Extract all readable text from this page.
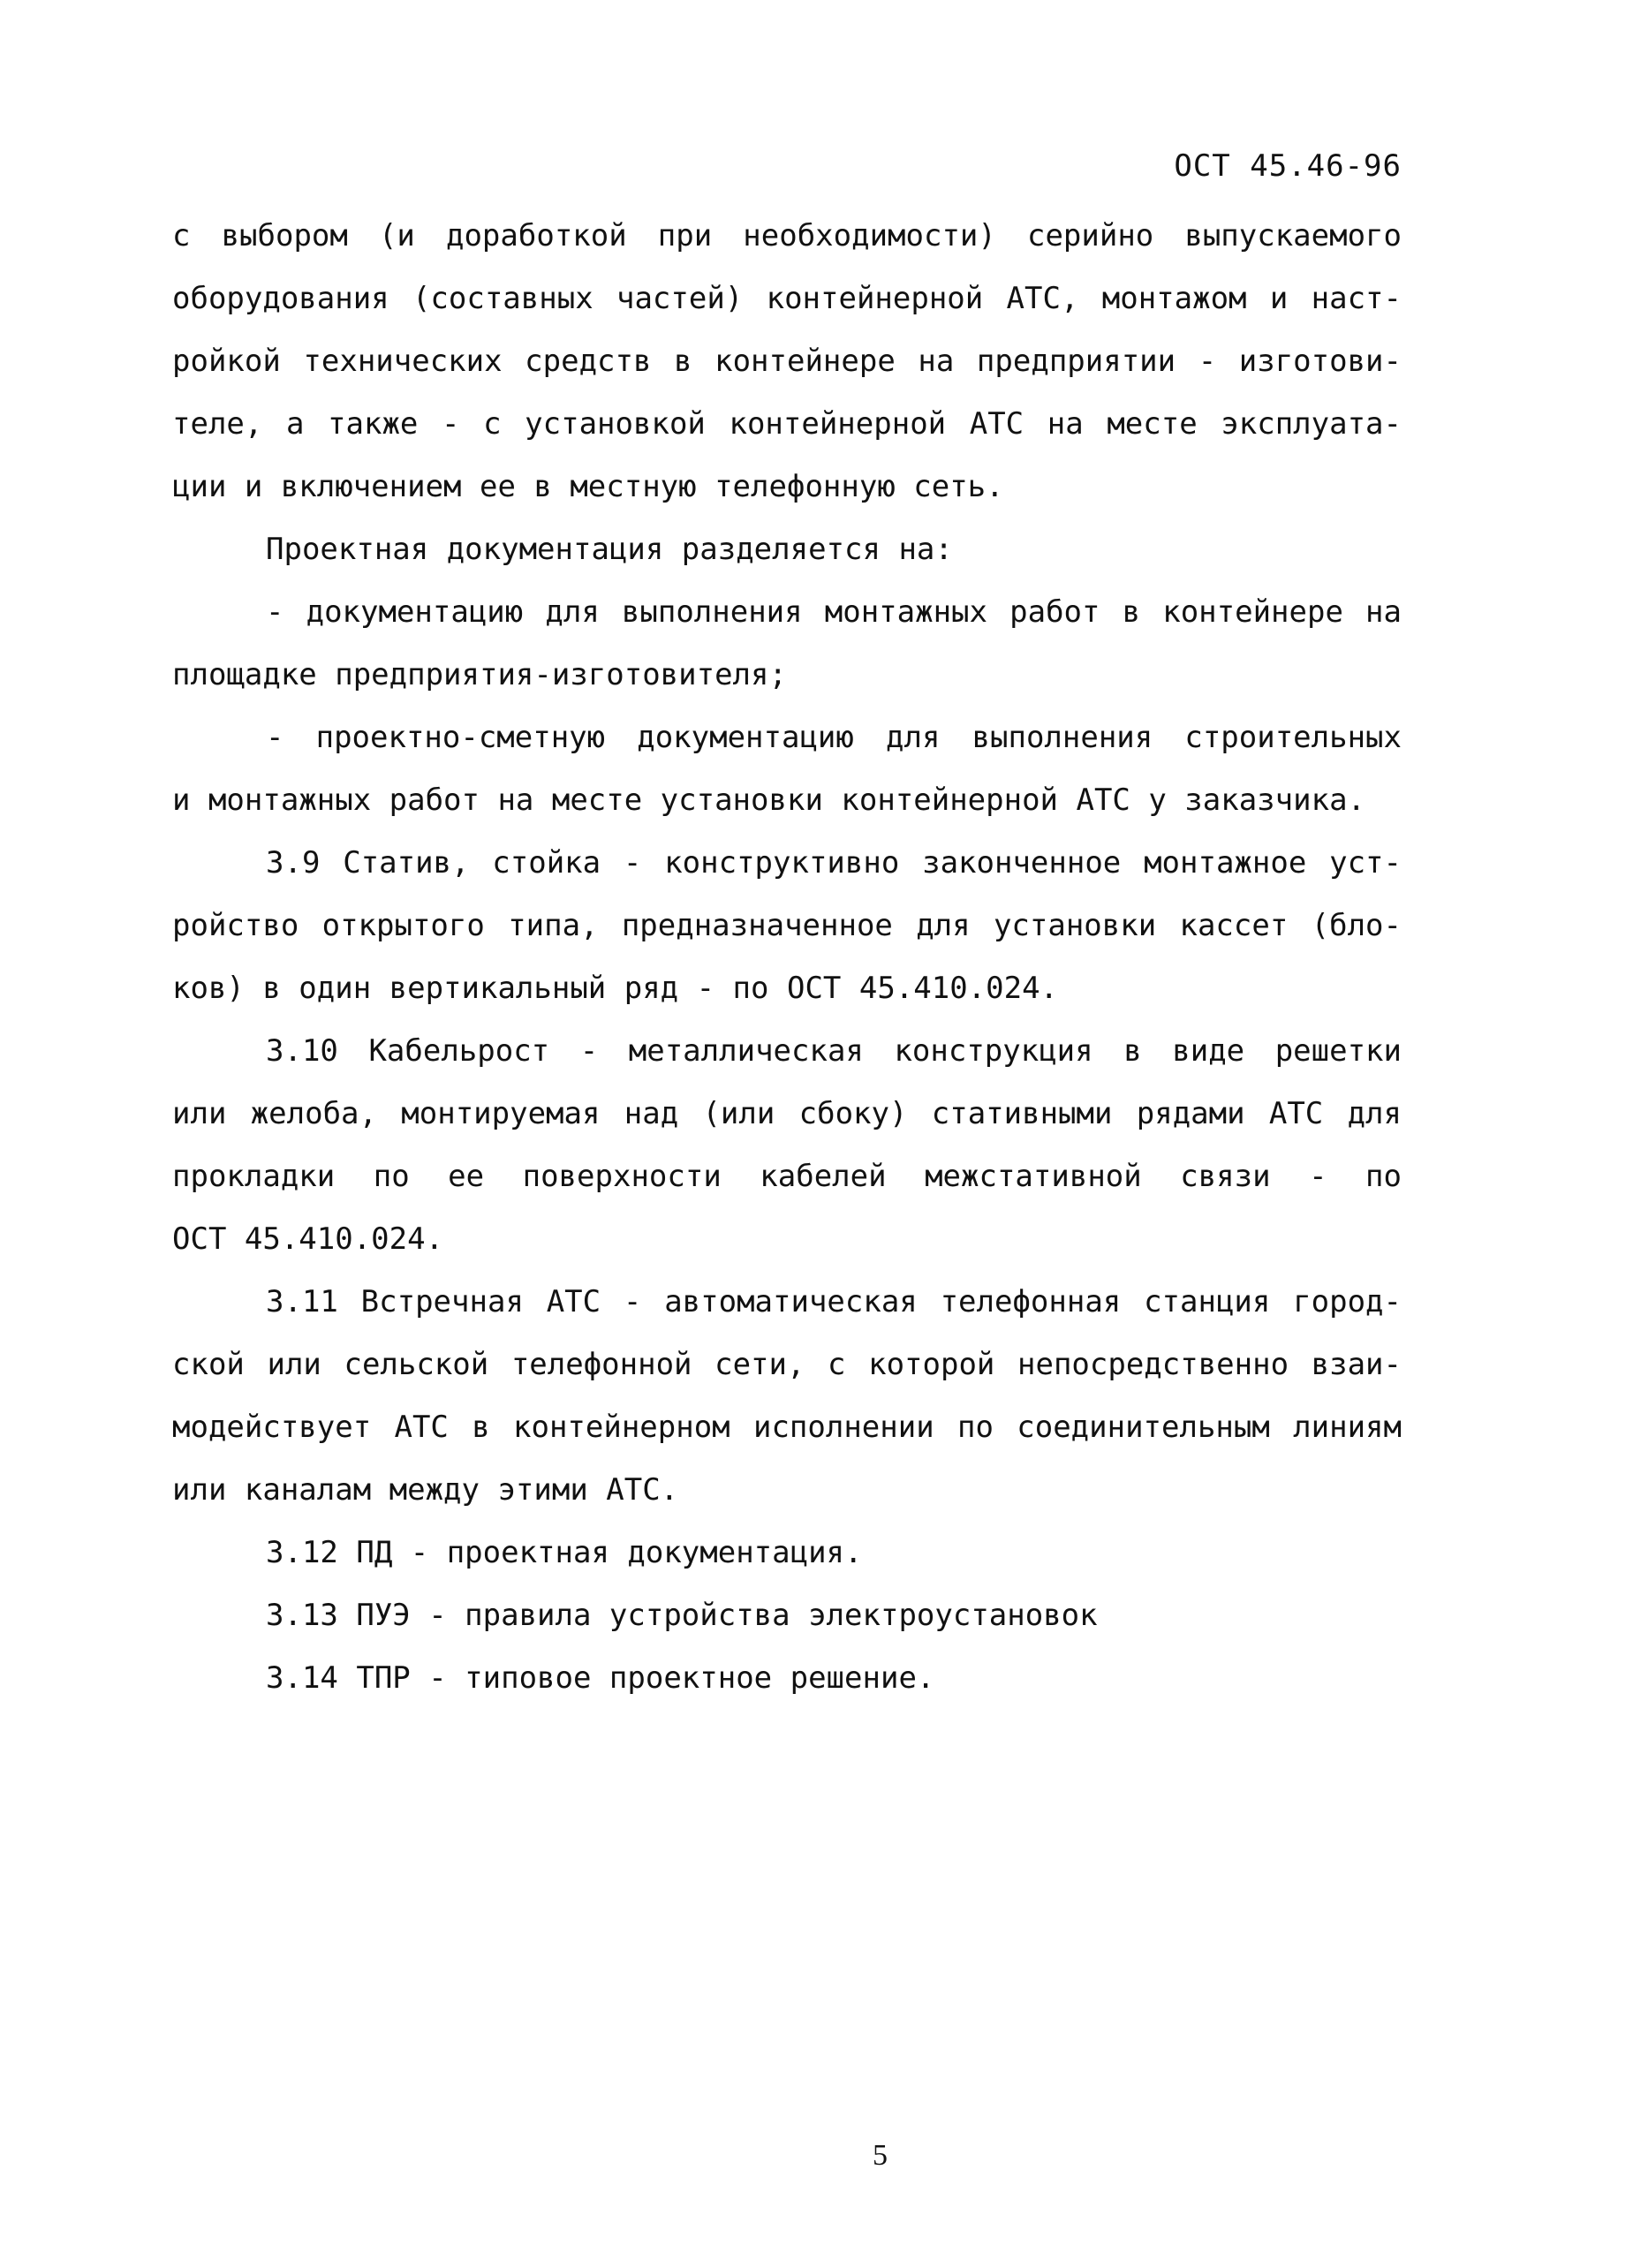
ОСТ 45.46-96
с выбором (и доработкой при необходимости) серийно выпускаемого
оборудования (составных частей) контейнерной АТС, монтажом и наст-
ройкой технических средств в контейнере на предприятии - изготови-
теле, а также - с установкой контейнерной АТС на месте эксплуата-
ции и включением ее в местную телефонную сеть.
Проектная документация разделяется на:
- документацию для выполнения монтажных работ в контейнере на
площадке предприятия-изготовителя;
- проектно-сметную документацию для выполнения строительных
и монтажных работ на месте установки контейнерной АТС у заказчика.
3.9 Статив, стойка - конструктивно законченное монтажное уст-
ройство открытого типа, предназначенное для установки кассет (бло-
ков) в один вертикальный ряд - по ОСТ 45.410.024.
3.10 Кабельрост - металлическая конструкция в виде решетки
или желоба, монтируемая над (или сбоку) стативными рядами АТС для
прокладки по ее поверхности кабелей межстативной связи - по
ОСТ 45.410.024.
3.11 Встречная АТС - автоматическая телефонная станция город-
ской или сельской телефонной сети, с которой непосредственно взаи-
модействует АТС в контейнерном исполнении по соединительным линиям
или каналам между этими АТС.
3.12 ПД - проектная документация.
3.13 ПУЭ - правила устройства электроустановок
3.14 ТПР - типовое проектное решение.
5
